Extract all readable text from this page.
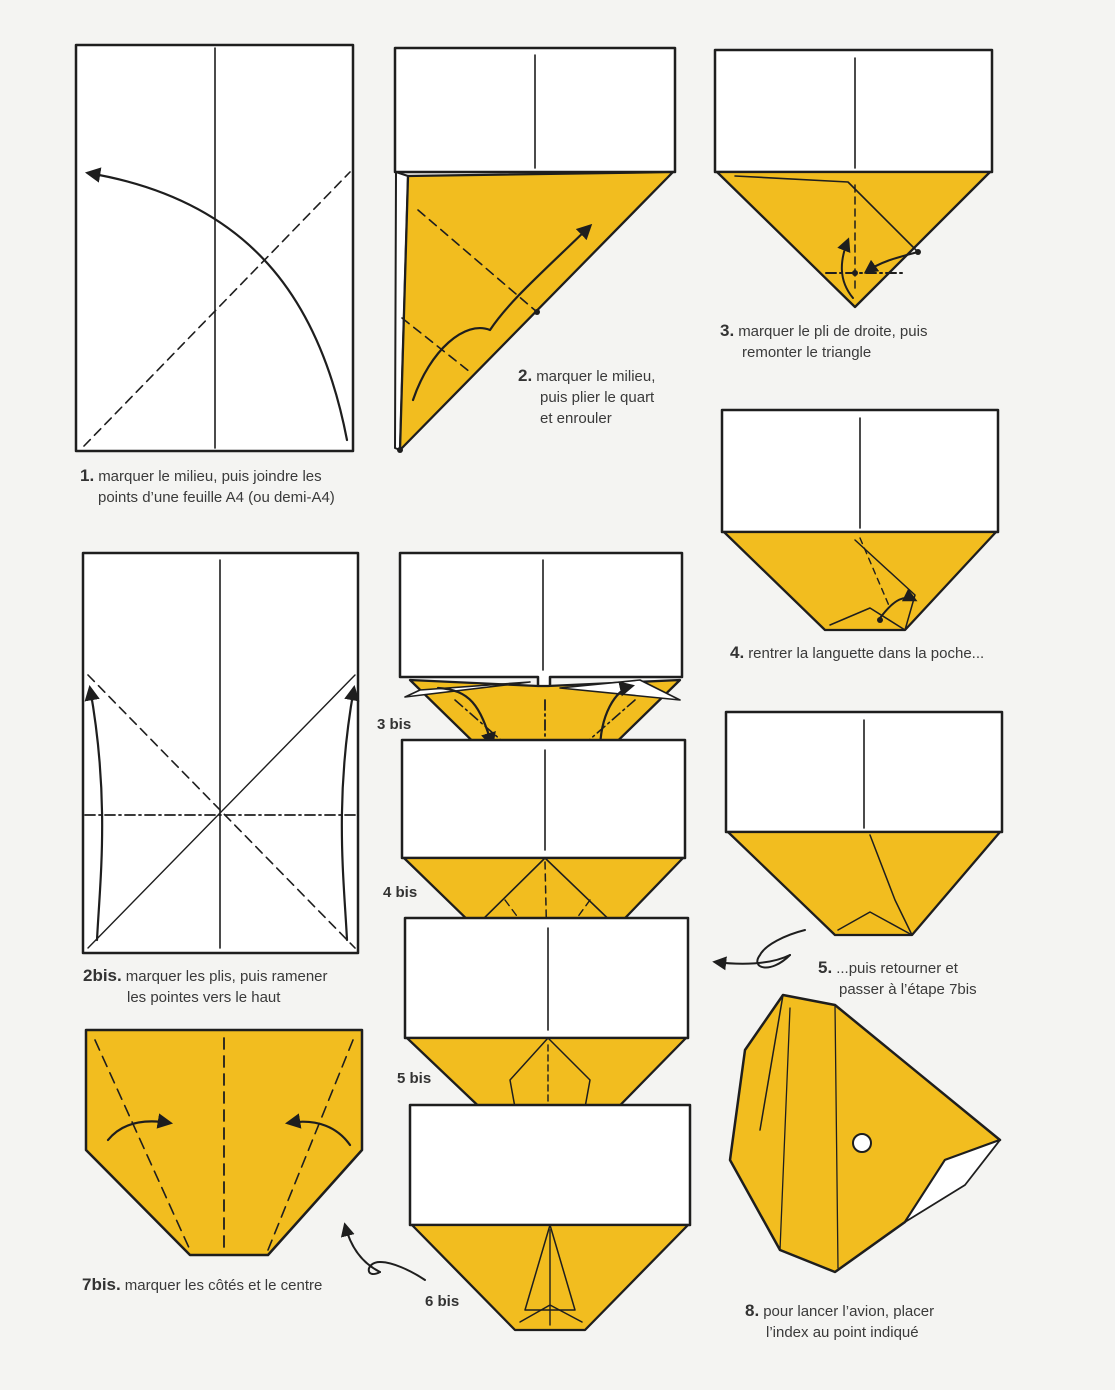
1. marquer le milieu, puis joindre les
points d’une feuille A4 (ou demi-A4)

2. marquer le milieu,
puis plier le quart
et enrouler

3. marquer le pli de droite, puis
remonter le triangle

4. rentrer la languette dans la poche...

5. ...puis retourner et
passer à l’étape 7bis

2bis. marquer les plis, puis ramener
les pointes vers le haut

7bis. marquer les côtés et le centre

8. pour lancer l’avion, placer
l’index au point indiqué

3 bis

4 bis

5 bis

6 bis
